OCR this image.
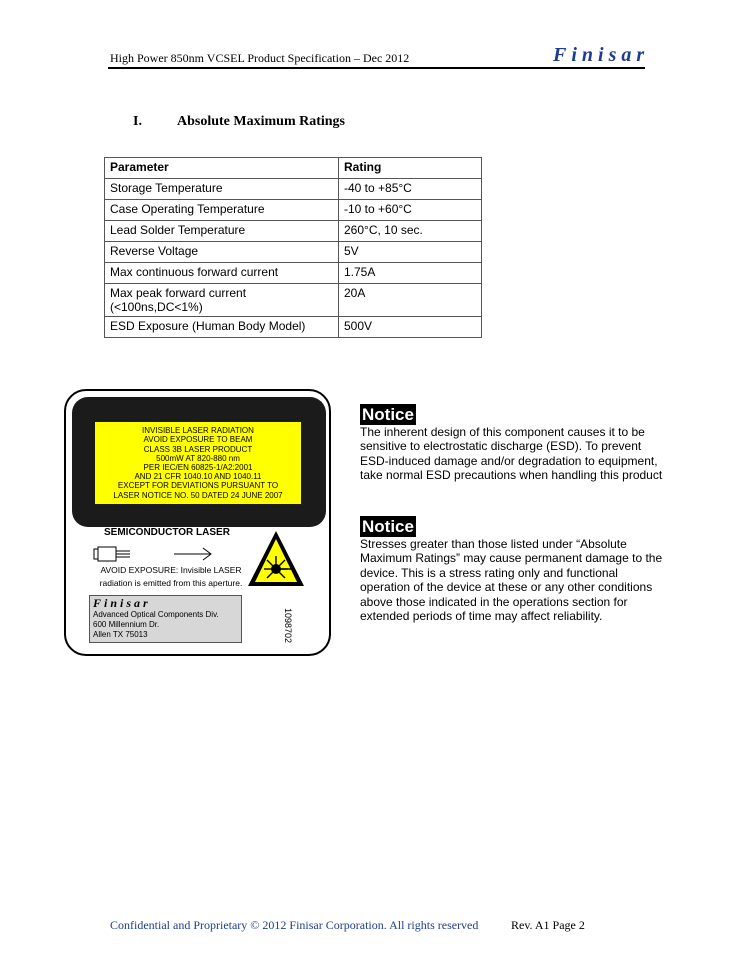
High Power 850nm VCSEL Product Specification – Dec 2012	Finisar
I.	Absolute Maximum Ratings
Parameter	Rating
Storage Temperature	-40 to +85°C
Case Operating Temperature	-10 to +60°C
Lead Solder Temperature	260°C, 10 sec.
Reverse Voltage	5V
Max continuous forward current	1.75A

Max peak forward current
(<100ns,DC<1%)	20A
ESD Exposure (Human Body Model)	500V
INVISIBLE LASER RADIATION
AVOID EXPOSURE TO BEAM
CLASS 3B LASER PRODUCT
500mW AT 820-880 nm
PER IEC/EN 60825-1/A2:2001
AND 21 CFR 1040.10 AND 1040.11
EXCEPT FOR DEVIATIONS PURSUANT TO
LASER NOTICE NO. 50 DATED 24 JUNE 2007
SEMICONDUCTOR LASER
AVOID EXPOSURE: Invisible LASER
radiation is emitted from this aperture.
Finisar
Advanced Optical Components Div.
600 Millennium Dr.
Allen TX 75013	1098702
Notice
The inherent design of this component causes it to be sensitive to electrostatic discharge (ESD). To prevent ESD-induced damage and/or degradation to equipment, take normal ESD precautions when handling this product
Notice
Stresses greater than those listed under “Absolute Maximum Ratings” may cause permanent damage to the device. This is a stress rating only and functional operation of the device at these or any other conditions above those indicated in the operations section for extended periods of time may affect reliability.
Confidential and Proprietary © 2012 Finisar Corporation. All rights reserved	Rev. A1 Page 2
